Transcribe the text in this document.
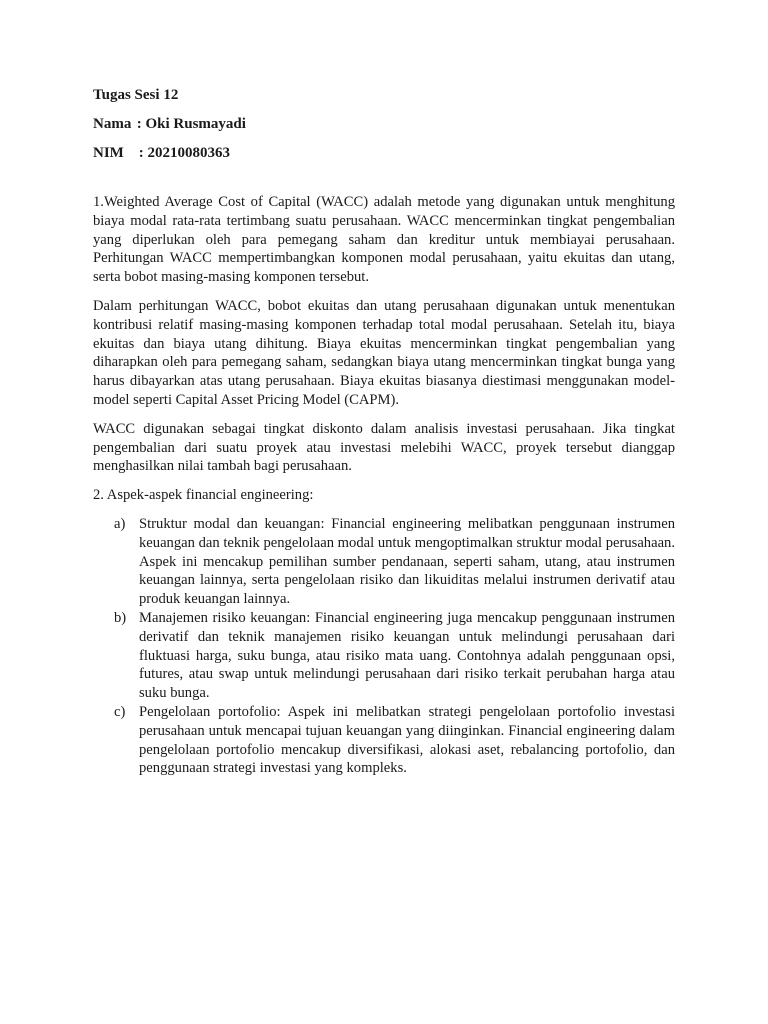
Tugas Sesi 12
Nama : Oki Rusmayadi
NIM : 20210080363

1.Weighted Average Cost of Capital (WACC) adalah metode yang digunakan untuk menghitung biaya modal rata-rata tertimbang suatu perusahaan. WACC mencerminkan tingkat pengembalian yang diperlukan oleh para pemegang saham dan kreditur untuk membiayai perusahaan. Perhitungan WACC mempertimbangkan komponen modal perusahaan, yaitu ekuitas dan utang, serta bobot masing-masing komponen tersebut.

Dalam perhitungan WACC, bobot ekuitas dan utang perusahaan digunakan untuk menentukan kontribusi relatif masing-masing komponen terhadap total modal perusahaan. Setelah itu, biaya ekuitas dan biaya utang dihitung. Biaya ekuitas mencerminkan tingkat pengembalian yang diharapkan oleh para pemegang saham, sedangkan biaya utang mencerminkan tingkat bunga yang harus dibayarkan atas utang perusahaan. Biaya ekuitas biasanya diestimasi menggunakan model-model seperti Capital Asset Pricing Model (CAPM).

WACC digunakan sebagai tingkat diskonto dalam analisis investasi perusahaan. Jika tingkat pengembalian dari suatu proyek atau investasi melebihi WACC, proyek tersebut dianggap menghasilkan nilai tambah bagi perusahaan.

2. Aspek-aspek financial engineering:

a) Struktur modal dan keuangan: Financial engineering melibatkan penggunaan instrumen keuangan dan teknik pengelolaan modal untuk mengoptimalkan struktur modal perusahaan. Aspek ini mencakup pemilihan sumber pendanaan, seperti saham, utang, atau instrumen keuangan lainnya, serta pengelolaan risiko dan likuiditas melalui instrumen derivatif atau produk keuangan lainnya.
b) Manajemen risiko keuangan: Financial engineering juga mencakup penggunaan instrumen derivatif dan teknik manajemen risiko keuangan untuk melindungi perusahaan dari fluktuasi harga, suku bunga, atau risiko mata uang. Contohnya adalah penggunaan opsi, futures, atau swap untuk melindungi perusahaan dari risiko terkait perubahan harga atau suku bunga.
c) Pengelolaan portofolio: Aspek ini melibatkan strategi pengelolaan portofolio investasi perusahaan untuk mencapai tujuan keuangan yang diinginkan. Financial engineering dalam pengelolaan portofolio mencakup diversifikasi, alokasi aset, rebalancing portofolio, dan penggunaan strategi investasi yang kompleks.
